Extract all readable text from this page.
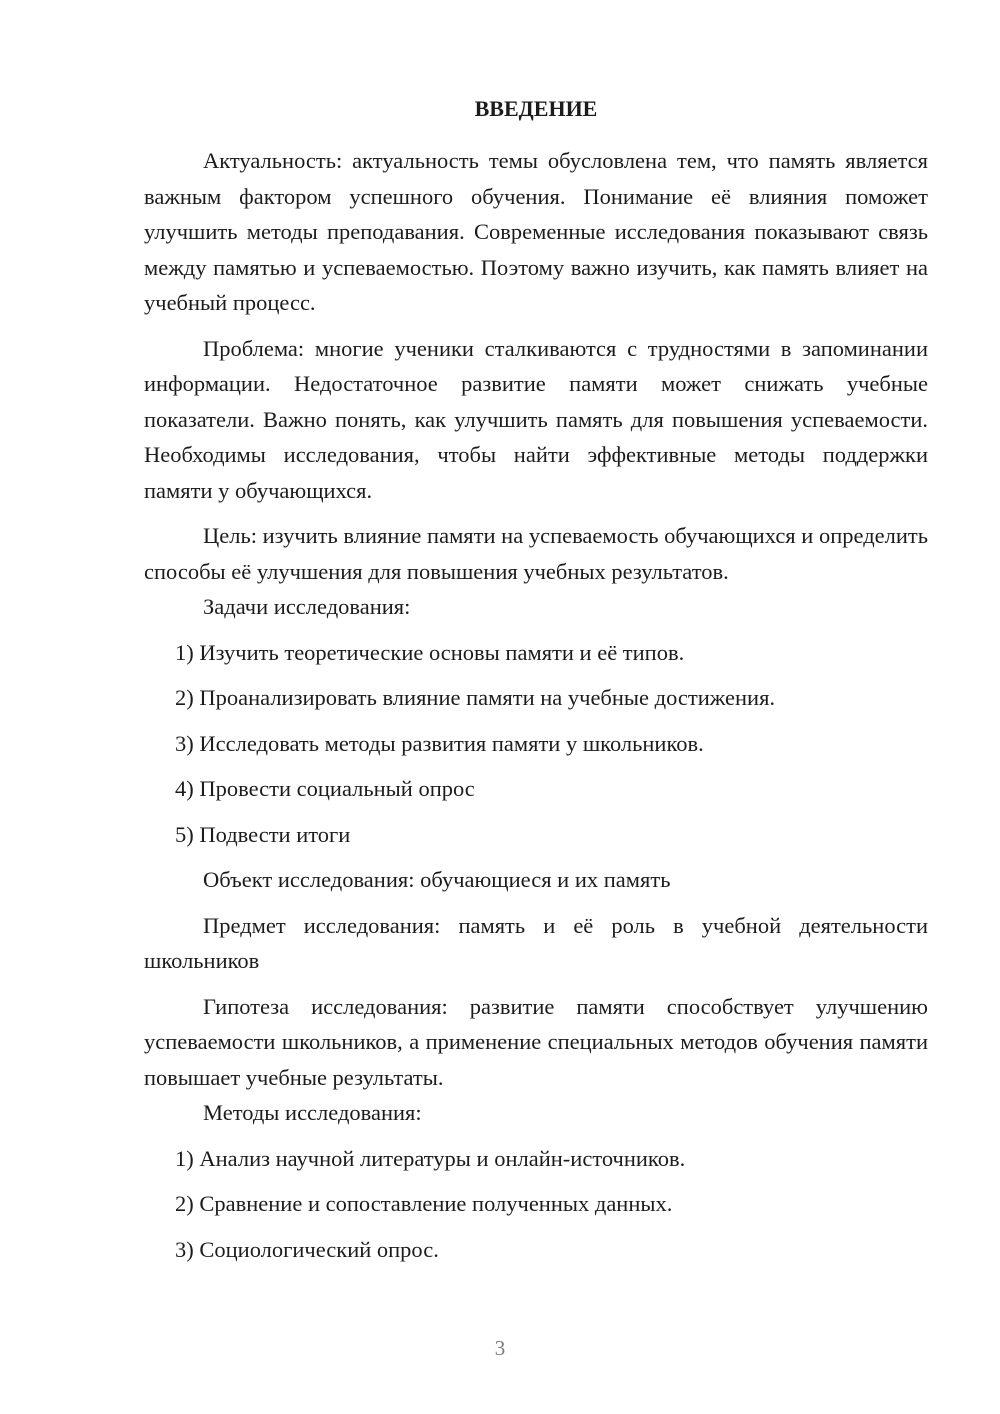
ВВЕДЕНИЕ

Актуальность: актуальность темы обусловлена тем, что память является важным фактором успешного обучения. Понимание её влияния поможет улучшить методы преподавания. Современные исследования показывают связь между памятью и успеваемостью. Поэтому важно изучить, как память влияет на учебный процесс.

Проблема: многие ученики сталкиваются с трудностями в запоминании информации. Недостаточное развитие памяти может снижать учебные показатели. Важно понять, как улучшить память для повышения успеваемости. Необходимы исследования, чтобы найти эффективные методы поддержки памяти у обучающихся.

Цель: изучить влияние памяти на успеваемость обучающихся и определить способы её улучшения для повышения учебных результатов.

Задачи исследования:

1) Изучить теоретические основы памяти и её типов.
2) Проанализировать влияние памяти на учебные достижения.
3) Исследовать методы развития памяти у школьников.
4) Провести социальный опрос
5) Подвести итоги

Объект исследования: обучающиеся и их память

Предмет исследования: память и её роль в учебной деятельности школьников

Гипотеза исследования: развитие памяти способствует улучшению успеваемости школьников, а применение специальных методов обучения памяти повышает учебные результаты.

Методы исследования:

1) Анализ научной литературы и онлайн-источников.
2) Сравнение и сопоставление полученных данных.
3) Социологический опрос.
3
